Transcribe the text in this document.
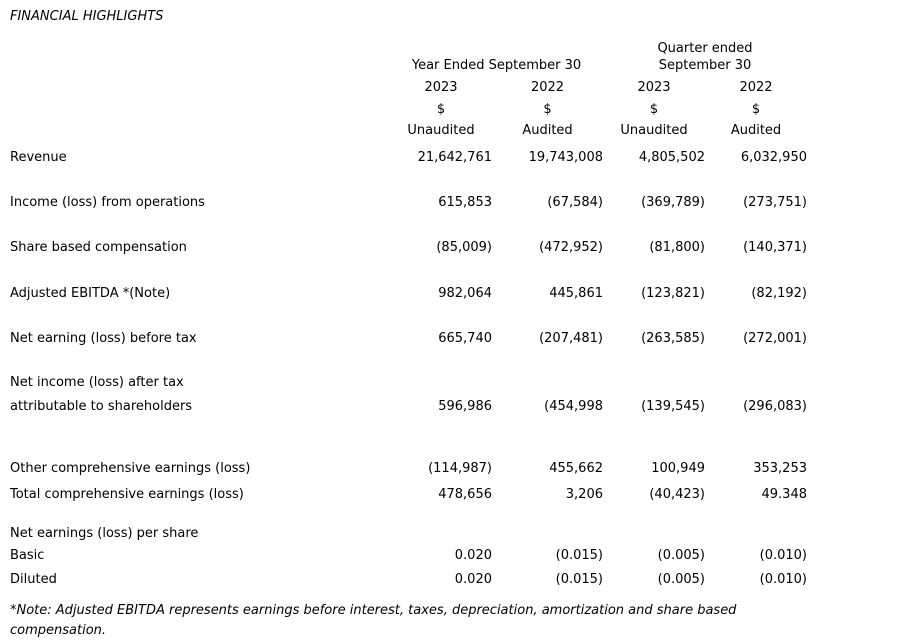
FINANCIAL HIGHLIGHTS
Quarter ended
Year Ended September 30	September 30
2023	2022	2023	2022
$	$	$	$
Unaudited	Audited	Unaudited	Audited
Revenue	21,642,761	19,743,008	4,805,502	6,032,950
Income (loss) from operations	615,853	(67,584)	(369,789)	(273,751)
Share based compensation	(85,009)	(472,952)	(81,800)	(140,371)
Adjusted EBITDA *(Note)	982,064	445,861	(123,821)	(82,192)
Net earning (loss) before tax	665,740	(207,481)	(263,585)	(272,001)
Net income (loss) after tax
attributable to shareholders	596,986	(454,998	(139,545)	(296,083)
Other comprehensive earnings (loss)	(114,987)	455,662	100,949	353,253
Total comprehensive earnings (loss)	478,656	3,206	(40,423)	49.348
Net earnings (loss) per share
Basic	0.020	(0.015)	(0.005)	(0.010)
Diluted	0.020	(0.015)	(0.005)	(0.010)
*Note: Adjusted EBITDA represents earnings before interest, taxes, depreciation, amortization and share based compensation.
